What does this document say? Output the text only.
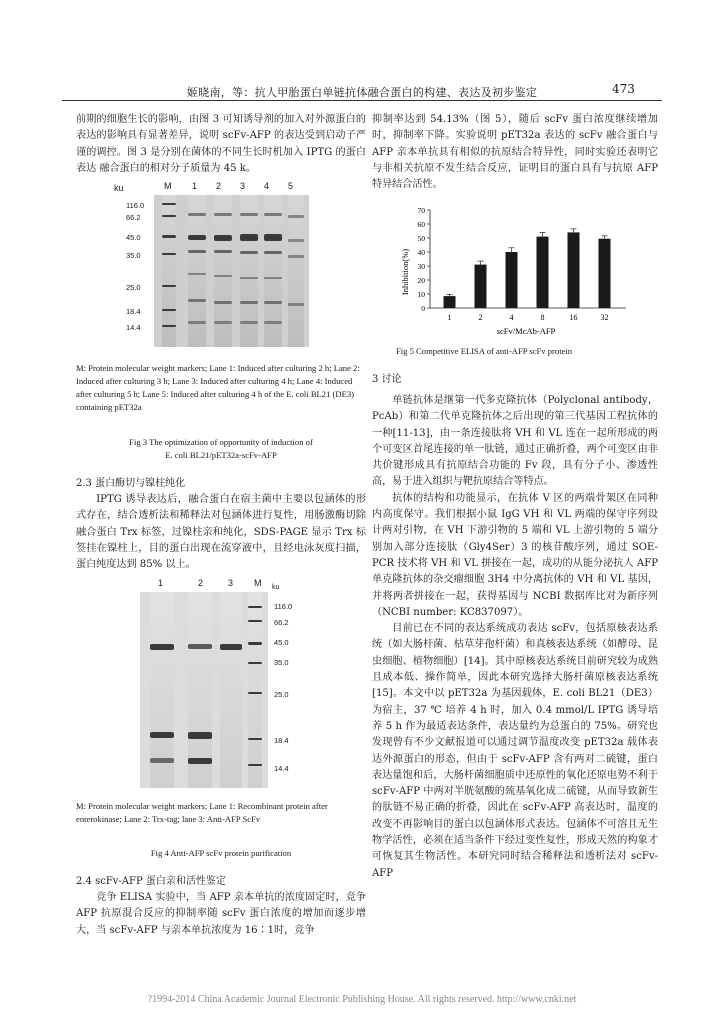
姬晓南，等：抗人甲胎蛋白单链抗体融合蛋白的构建、表达及初步鉴定	473

前期的细胞生长的影响，由图 3 可知诱导剂的加入对外源蛋白的表达的影响具有显著差异，说明 scFv-AFP 的表达受到启动子严谨的调控。图 3 是分别在菌体的不同生长时机加入 IPTG 的蛋白表达 融合蛋白的相对分子质量为 45 k。

ku	M 1 2 3 4 5
116.0
66.2
45.0
35.0
25.0
18.4
14.4
M: Protein molecular weight markers; Lane 1: Induced after culturing 2 h; Lane 2: Induced after culturing 3 h; Lane 3: Induced after culturing 4 h; Lane 4: Induced after culturing 5 h; Lane 5: Induced after culturing 4 h of the E. coli BL21 (DE3) containing pET32a
Fig 3 The optimization of opportunity of induction of
E. coli BL21/pET32a-scFv-AFP
2.3 蛋白酶切与镍柱纯化

IPTG 诱导表达后，融合蛋白在宿主菌中主要以包涵体的形式存在，结合透析法和稀释法对包涵体进行复性，用肠激酶切除融合蛋白 Trx 标签，过镍柱亲和纯化，SDS-PAGE 显示 Trx 标签挂在镍柱上，目的蛋白出现在流穿液中，且经电泳灰度扫描，蛋白纯度达到 85% 以上。

1	2	3 M ku
116.0
66.2
45.0
35.0
25.0
18.4
14.4
M: Protein molecular weight markers; Lane 1: Recombinant protein after enterokinase; Lane 2: Trx-tag; lane 3: Anti-AFP ScFv
Fig 4 Anti-AFP scFv protein purification
2.4 scFv-AFP 蛋白亲和活性鉴定

竞争 ELISA 实验中，当 AFP 亲本单抗的浓度固定时，竞争 AFP 抗原混合反应的抑制率随 scFv 蛋白浓度的增加而逐步增大，当 scFv-AFP 与亲本单抗浓度为 16∶1时，竞争

抑制率达到 54.13%（图 5），随后 scFv 蛋白浓度继续增加时，抑制率下降。实验说明 pET32a 表达的 scFv 融合蛋白与 AFP 亲本单抗具有相似的抗原结合特异性，同时实验还表明它与非相关抗原不发生结合反应，证明目的蛋白具有与抗原 AFP 特异结合活性。

Inhibition(%)
0
10
20
30
40
50
60
70
1	2	4	8	16	32
scFv/McAb-AFP
Fig 5 Competitive ELISA of anti-AFP scFv protein
3 讨论

单链抗体是继第一代多克隆抗体（Polyclonal antibody，PcAb）和第二代单克隆抗体之后出现的第三代基因工程抗体的一种[11-13]，由一条连接肽将 VH 和 VL 连在一起所形成的两个可变区首尾连接的单一肽链，通过正确折叠，两个可变区由非共价键形成具有抗原结合功能的 Fv 段，具有分子小、渗透性高，易于进入组织与靶抗原结合等特点。

抗体的结构和功能显示，在抗体 V 区的两端骨架区在同种内高度保守。我们根据小鼠 IgG VH 和 VL 两端的保守序列设计两对引物，在 VH 下游引物的 5 端和 VL 上游引物的 5 端分别加入部分连接肽（Gly4Ser）3 的核苷酸序列，通过 SOE-PCR 技术将 VH 和 VL 拼接在一起，成功的从能分泌抗人 AFP 单克隆抗体的杂交瘤细胞 3H4 中分离抗体的 VH 和 VL 基因，并将两者拼接在一起，获得基因与 NCBI 数据库比对为新序列（NCBI number: KC837097）。

目前已在不同的表达系统成功表达 scFv，包括原核表达系统（如大肠杆菌、枯草芽孢杆菌）和真核表达系统（如酵母、昆虫细胞、植物细胞）[14]。其中原核表达系统目前研究较为成熟且成本低、操作简单，因此本研究选择大肠杆菌原核表达系统[15]。本文中以 pET32a 为基因载体，E. coli BL21（DE3）为宿主，37 ℃ 培养 4 h 时，加入 0.4 mmol/L IPTG 诱导培养 5 h 作为最适表达条件，表达量约为总蛋白的 75%。研究也发现曾有不少文献报道可以通过调节温度改变 pET32a 载体表达外源蛋白的形态，但由于 scFv-AFP 含有两对二硫键，蛋白表达量饱和后，大肠杆菌细胞质中还原性的氧化还原电势不利于 scFv-AFP 中两对半胱氨酸的巯基氧化成二硫键，从而导致新生的肽链不易正确的折叠，因此在 scFv-AFP 高表达时，温度的改变不再影响目的蛋白以包涵体形式表达。包涵体不可溶且无生物学活性，必须在适当条件下经过变性复性，形成天然的构象才可恢复其生物活性。本研究同时结合稀释法和透析法对 scFv-AFP

?1994-2014 China Academic Journal Electronic Publishing House. All rights reserved. http://www.cnki.net
